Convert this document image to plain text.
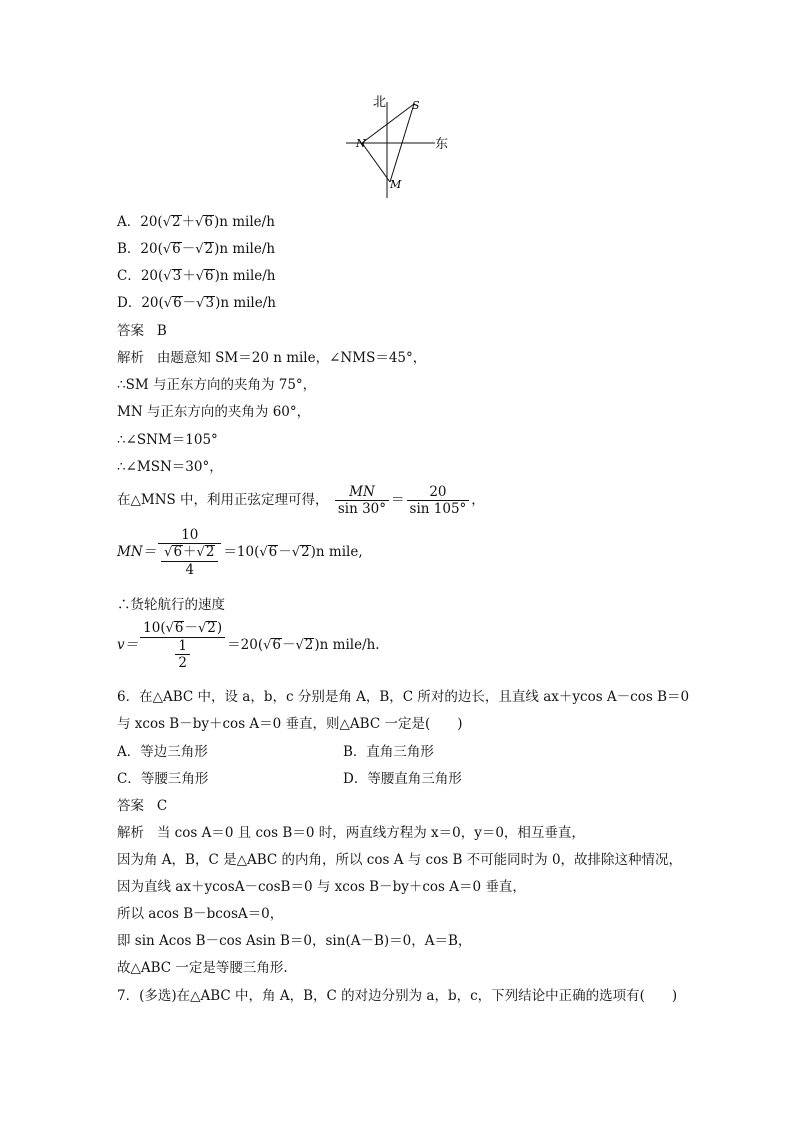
北
东
S
N
M
A．20(√2＋√6)n mile/h
B．20(√6－√2)n mile/h
C．20(√3＋√6)n mile/h
D．20(√6－√3)n mile/h
答案 B
解析 由题意知 SM＝20 n mile，∠NMS＝45°，
∴SM 与正东方向的夹角为 75°，
MN 与正东方向的夹角为 60°，
∴∠SNM＝105°
∴∠MSN＝30°，
在△MNS 中，利用正弦定理可得， $\frac{MN}{\sin 30^\circ} = \frac{20}{\sin 105^\circ}$ ，
$MN= \frac{10}{\frac{√6+√2}{4}} =10(√6-√2)n$ mile,
∴货轮航行的速度
$v= \frac{10(√6-√2)}{\frac{1}{2}} =20(√6-√2)n$ mile/h.
6．在△ABC 中，设 a，b，c 分别是角 A，B，C 所对的边长，且直线 ax＋ycos A－cos B＝0
与 xcos B－by＋cos A＝0 垂直，则△ABC 一定是(　　)
A．等边三角形	B．直角三角形
C．等腰三角形	D．等腰直角三角形
答案 C
解析 当 cos A＝0 且 cos B＝0 时，两直线方程为 x＝0，y＝0，相互垂直，
因为角 A，B，C 是△ABC 的内角，所以 cos A 与 cos B 不可能同时为 0，故排除这种情况，
因为直线 ax＋ycosA－cosB＝0 与 xcos B－by＋cos A＝0 垂直，
所以 acos B－bcosA＝0，
即 sin Acos B－cos Asin B＝0，sin(A－B)＝0，A＝B，
故△ABC 一定是等腰三角形.
7．(多选)在△ABC 中，角 A，B，C 的对边分别为 a，b，c，下列结论中正确的选项有(　　)
